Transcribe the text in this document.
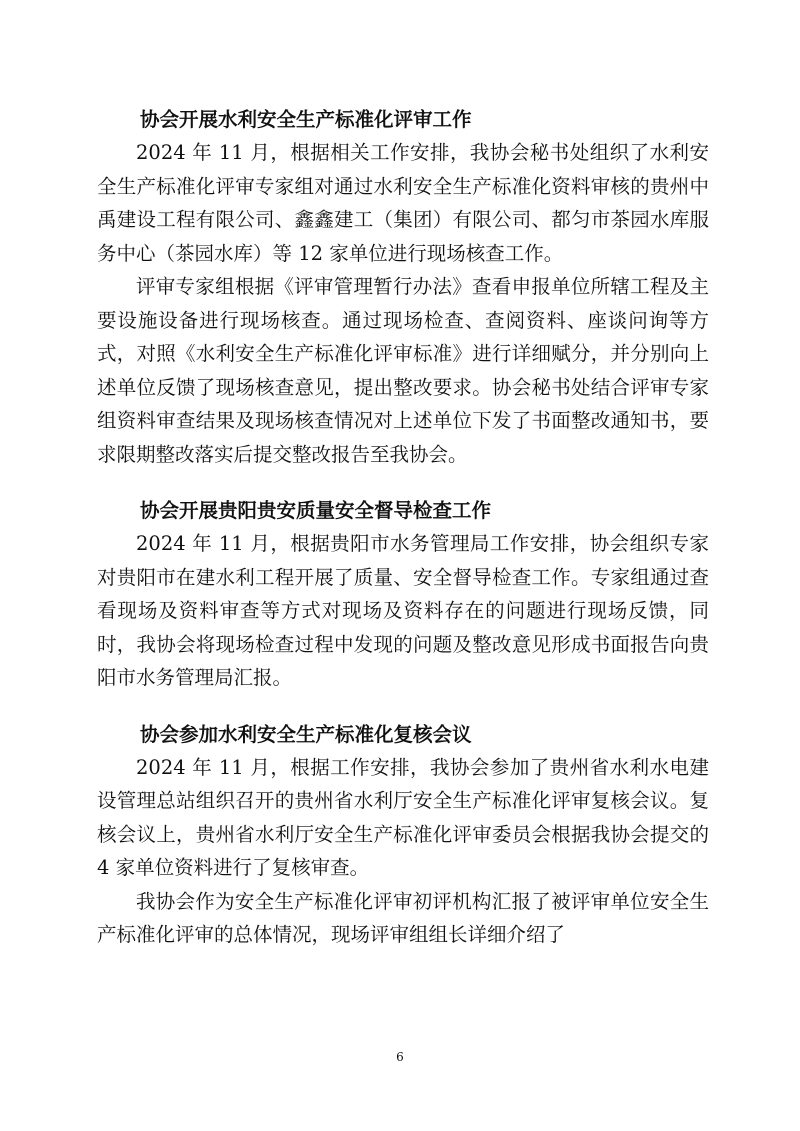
协会开展水利安全生产标准化评审工作

2024 年 11 月，根据相关工作安排，我协会秘书处组织了水利安全生产标准化评审专家组对通过水利安全生产标准化资料审核的贵州中禹建设工程有限公司、鑫鑫建工（集团）有限公司、都匀市茶园水库服务中心（茶园水库）等 12 家单位进行现场核查工作。

评审专家组根据《评审管理暂行办法》查看申报单位所辖工程及主要设施设备进行现场核查。通过现场检查、查阅资料、座谈问询等方式，对照《水利安全生产标准化评审标准》进行详细赋分，并分别向上述单位反馈了现场核查意见，提出整改要求。协会秘书处结合评审专家组资料审查结果及现场核查情况对上述单位下发了书面整改通知书，要求限期整改落实后提交整改报告至我协会。

协会开展贵阳贵安质量安全督导检查工作

2024 年 11 月，根据贵阳市水务管理局工作安排，协会组织专家对贵阳市在建水利工程开展了质量、安全督导检查工作。专家组通过查看现场及资料审查等方式对现场及资料存在的问题进行现场反馈，同时，我协会将现场检查过程中发现的问题及整改意见形成书面报告向贵阳市水务管理局汇报。

协会参加水利安全生产标准化复核会议

2024 年 11 月，根据工作安排，我协会参加了贵州省水利水电建设管理总站组织召开的贵州省水利厅安全生产标准化评审复核会议。复核会议上，贵州省水利厅安全生产标准化评审委员会根据我协会提交的 4 家单位资料进行了复核审查。

我协会作为安全生产标准化评审初评机构汇报了被评审单位安全生产标准化评审的总体情况，现场评审组组长详细介绍了

6
